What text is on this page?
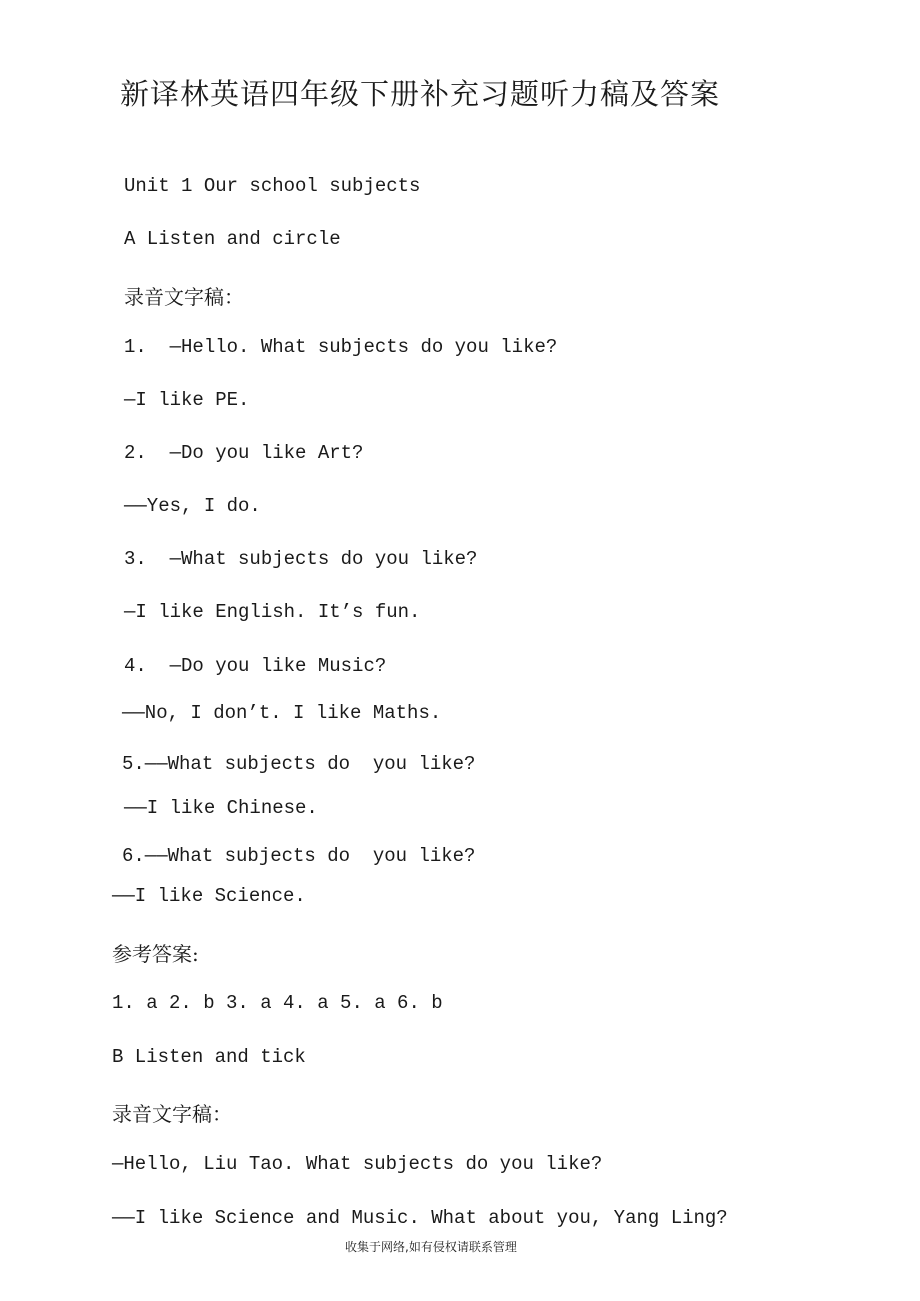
新译林英语四年级下册补充习题听力稿及答案
Unit 1 Our school subjects
A Listen and circle
录音文字稿：
1.  —Hello. What subjects do you like?
—I like PE.
2.  —Do you like Art?
——Yes, I do.
3.  —What subjects do you like?
—I like English. It’s fun.
4.  —Do you like Music?
——No, I don’t. I like Maths.
5.——What subjects do  you like?
——I like Chinese.
6.——What subjects do  you like?
——I like Science.
参考答案:
1. a 2. b 3. a 4. a 5. a 6. b
B Listen and tick
录音文字稿：
—Hello, Liu Tao. What subjects do you like?
——I like Science and Music. What about you, Yang Ling?
收集于网络,如有侵权请联系管理
